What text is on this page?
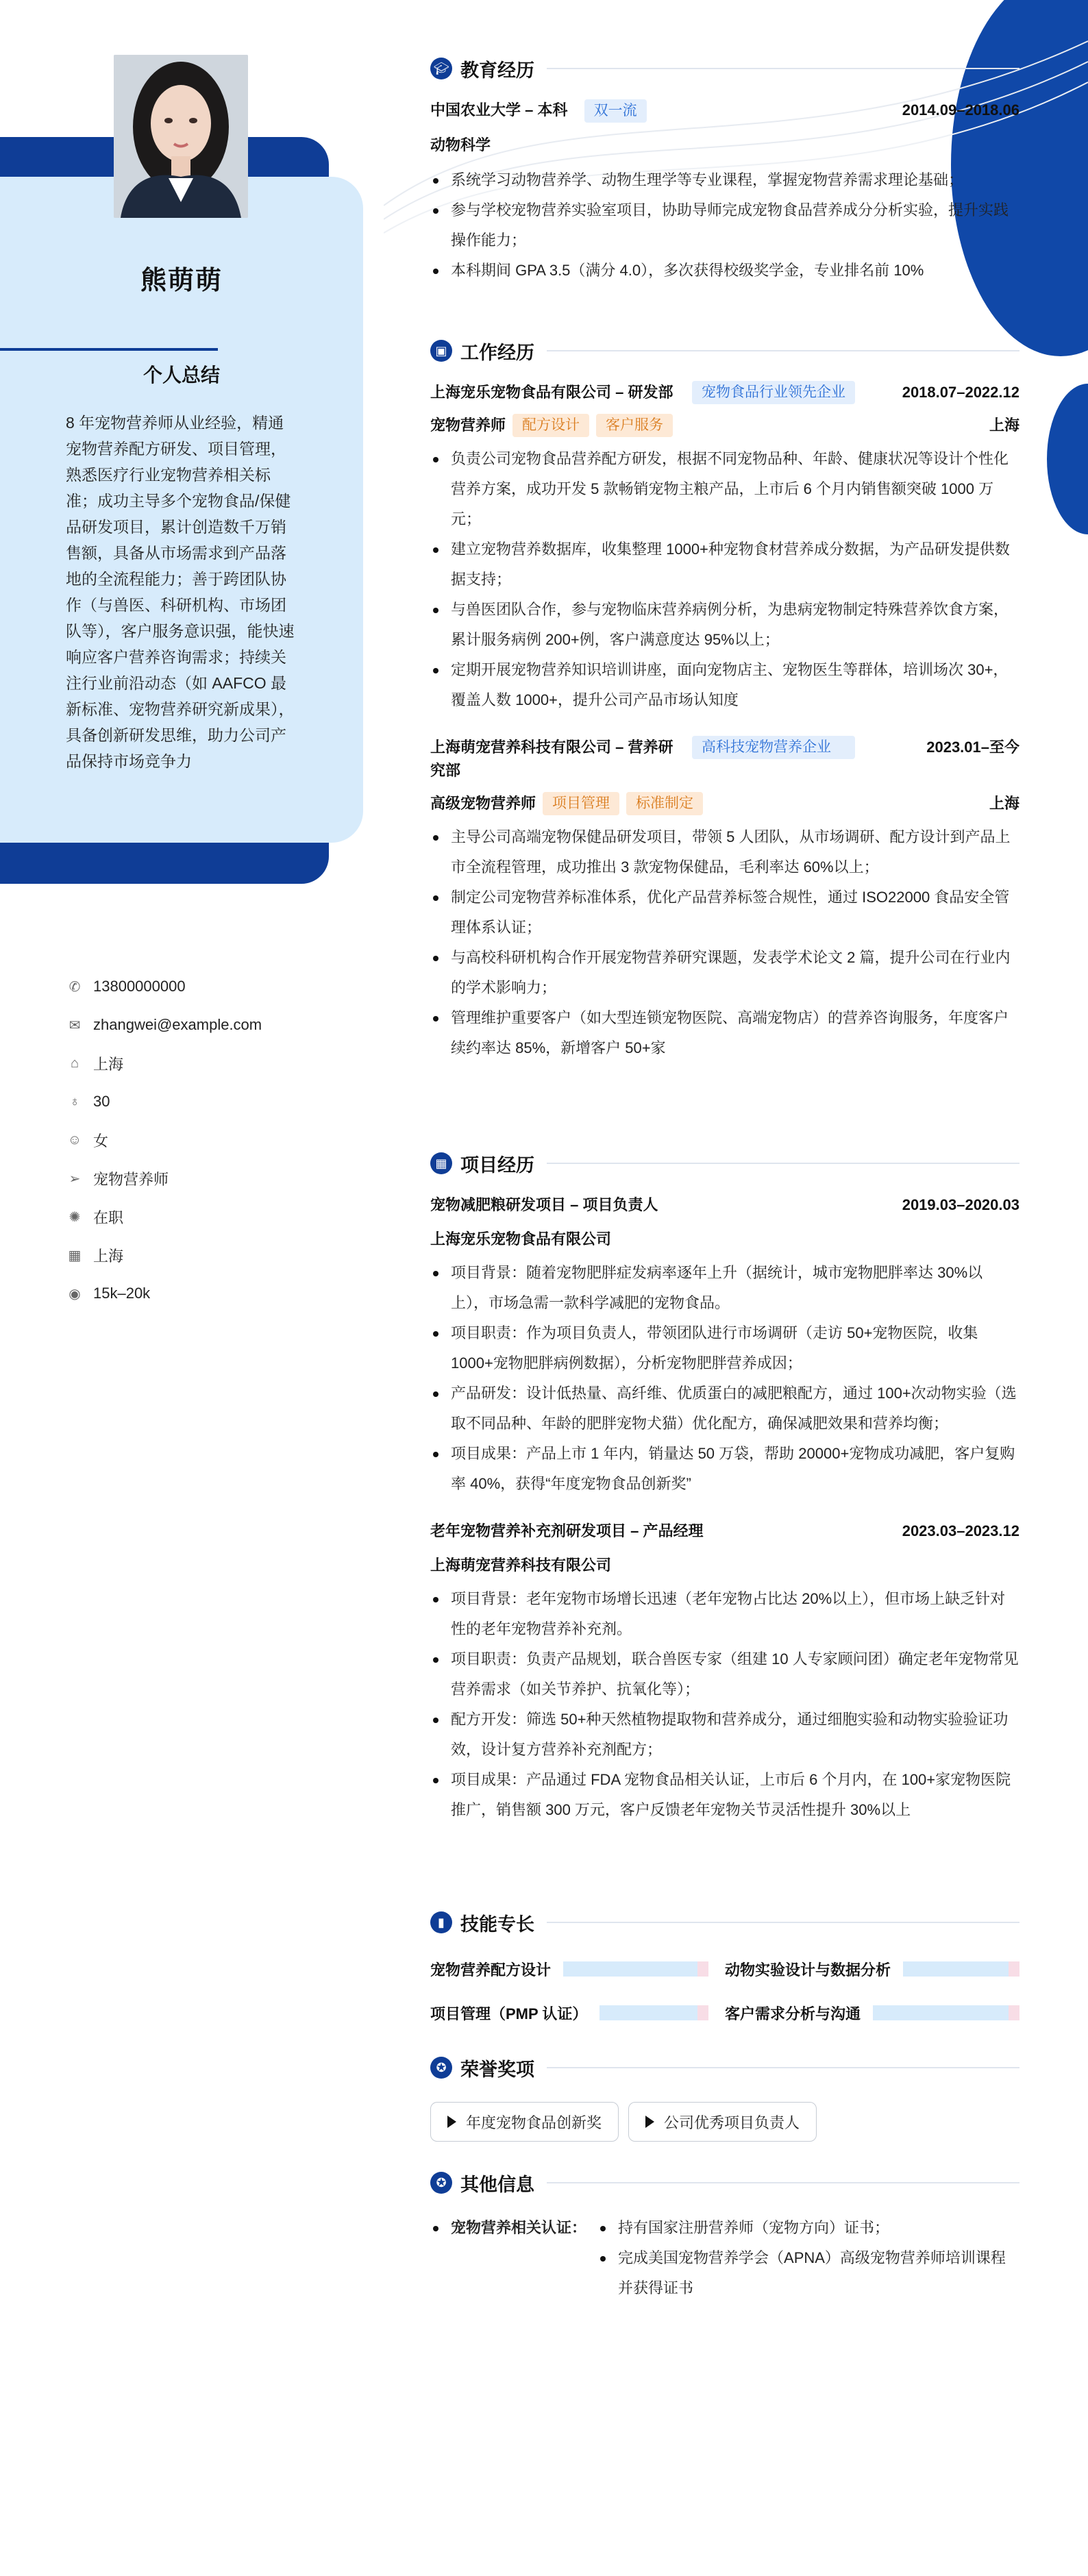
熊萌萌
个人总结
8 年宠物营养师从业经验，精通宠物营养配方研发、项目管理，熟悉医疗行业宠物营养相关标准；成功主导多个宠物食品/保健品研发项目，累计创造数千万销售额，具备从市场需求到产品落地的全流程能力；善于跨团队协作（与兽医、科研机构、市场团队等），客户服务意识强，能快速响应客户营养咨询需求；持续关注行业前沿动态（如 AAFCO 最新标准、宠物营养研究新成果），具备创新研发思维，助力公司产品保持市场竞争力
✆ 13800000000
✉ zhangwei@example.com
⌂ 上海
♁ 30
☺ 女
➢ 宠物营养师
✺ 在职
▦ 上海
◉ 15k–20k
🎓︎ 教育经历
中国农业大学 – 本科 双一流	2014.09–2018.06
动物科学
系统学习动物营养学、动物生理学等专业课程，掌握宠物营养需求理论基础；
参与学校宠物营养实验室项目，协助导师完成宠物食品营养成分分析实验，提升实践操作能力；
本科期间 GPA 3.5（满分 4.0），多次获得校级奖学金，专业排名前 10%
▣ 工作经历
上海宠乐宠物食品有限公司 – 研发部	宠物食品行业领先企业	2018.07–2022.12
宠物营养师	配方设计	客户服务	上海
负责公司宠物食品营养配方研发，根据不同宠物品种、年龄、健康状况等设计个性化营养方案，成功开发 5 款畅销宠物主粮产品，上市后 6 个月内销售额突破 1000 万元；
建立宠物营养数据库，收集整理 1000+种宠物食材营养成分数据，为产品研发提供数据支持；
与兽医团队合作，参与宠物临床营养病例分析，为患病宠物制定特殊营养饮食方案，累计服务病例 200+例，客户满意度达 95%以上；
定期开展宠物营养知识培训讲座，面向宠物店主、宠物医生等群体，培训场次 30+，覆盖人数 1000+，提升公司产品市场认知度
上海萌宠营养科技有限公司 – 营养研究部
高科技宠物营养企业	2023.01–至今
高级宠物营养师	项目管理	标准制定	上海
主导公司高端宠物保健品研发项目，带领 5 人团队，从市场调研、配方设计到产品上市全流程管理，成功推出 3 款宠物保健品，毛利率达 60%以上；
制定公司宠物营养标准体系，优化产品营养标签合规性，通过 ISO22000 食品安全管理体系认证；
与高校科研机构合作开展宠物营养研究课题，发表学术论文 2 篇，提升公司在行业内的学术影响力；
管理维护重要客户（如大型连锁宠物医院、高端宠物店）的营养咨询服务，年度客户续约率达 85%，新增客户 50+家
▦ 项目经历
宠物减肥粮研发项目 – 项目负责人	2019.03–2020.03
上海宠乐宠物食品有限公司
项目背景：随着宠物肥胖症发病率逐年上升（据统计，城市宠物肥胖率达 30%以上），市场急需一款科学减肥的宠物食品。
项目职责：作为项目负责人，带领团队进行市场调研（走访 50+宠物医院，收集 1000+宠物肥胖病例数据），分析宠物肥胖营养成因；
产品研发：设计低热量、高纤维、优质蛋白的减肥粮配方，通过 100+次动物实验（选取不同品种、年龄的肥胖宠物犬猫）优化配方，确保减肥效果和营养均衡；
项目成果：产品上市 1 年内，销量达 50 万袋，帮助 20000+宠物成功减肥，客户复购率 40%，获得“年度宠物食品创新奖”
老年宠物营养补充剂研发项目 – 产品经理	2023.03–2023.12
上海萌宠营养科技有限公司
项目背景：老年宠物市场增长迅速（老年宠物占比达 20%以上），但市场上缺乏针对性的老年宠物营养补充剂。
项目职责：负责产品规划，联合兽医专家（组建 10 人专家顾问团）确定老年宠物常见营养需求（如关节养护、抗氧化等）；
配方开发：筛选 50+种天然植物提取物和营养成分，通过细胞实验和动物实验验证功效，设计复方营养补充剂配方；
项目成果：产品通过 FDA 宠物食品相关认证，上市后 6 个月内，在 100+家宠物医院推广，销售额 300 万元，客户反馈老年宠物关节灵活性提升 30%以上
▮ 技能专长
宠物营养配方设计	动物实验设计与数据分析
项目管理（PMP 认证）	客户需求分析与沟通
✪ 荣誉奖项
年度宠物食品创新奖	公司优秀项目负责人
✪ 其他信息
宠物营养相关认证：	持有国家注册营养师（宠物方向）证书；
完成美国宠物营养学会（APNA）高级宠物营养师培训课程并获得证书
